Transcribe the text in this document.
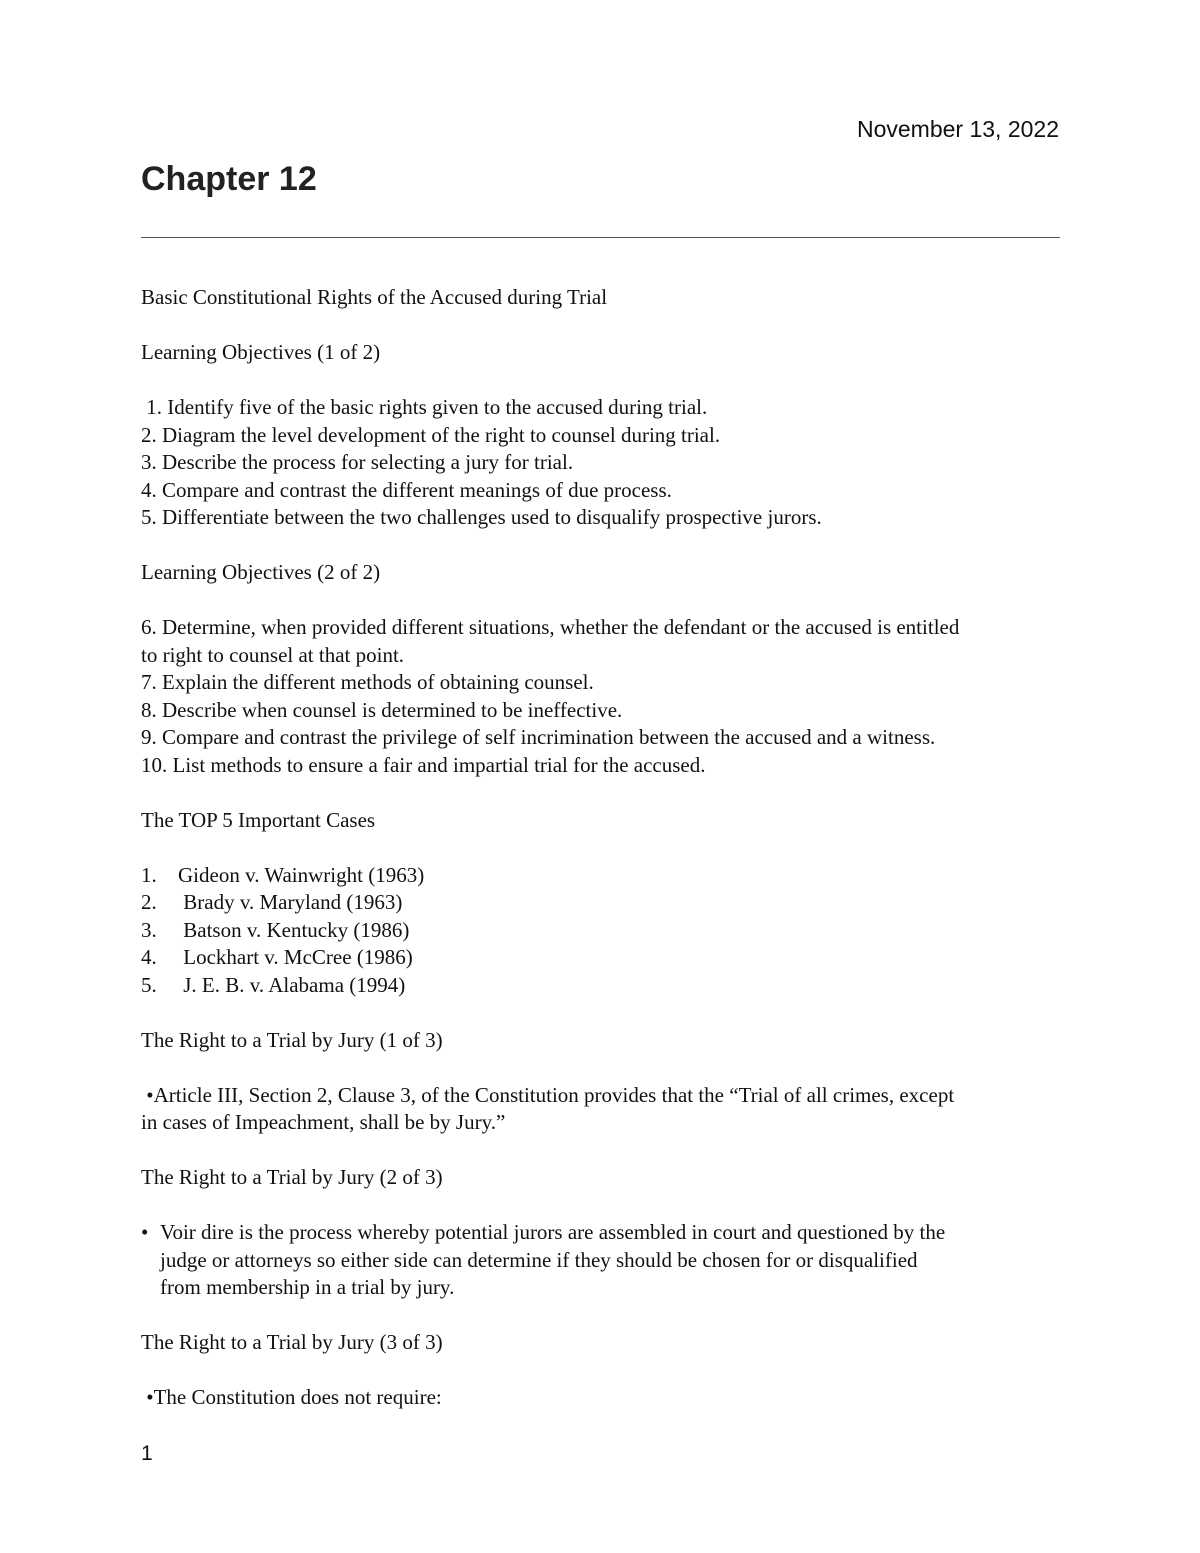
November 13, 2022
Chapter 12
Basic Constitutional Rights of the Accused during Trial
Learning Objectives (1 of 2)
1. Identify five of the basic rights given to the accused during trial.
2. Diagram the level development of the right to counsel during trial.
3. Describe the process for selecting a jury for trial.
4. Compare and contrast the different meanings of due process.
5. Differentiate between the two challenges used to disqualify prospective jurors.
Learning Objectives (2 of 2)
6. Determine, when provided different situations, whether the defendant or the accused is entitled
to right to counsel at that point.
7. Explain the different methods of obtaining counsel.
8. Describe when counsel is determined to be ineffective.
9. Compare and contrast the privilege of self incrimination between the accused and a witness.
10. List methods to ensure a fair and impartial trial for the accused.
The TOP 5 Important Cases
1. Gideon v. Wainwright (1963)
2. Brady v. Maryland (1963)
3. Batson v. Kentucky (1986)
4. Lockhart v. McCree (1986)
5. J. E. B. v. Alabama (1994)
The Right to a Trial by Jury (1 of 3)
•Article III, Section 2, Clause 3, of the Constitution provides that the “Trial of all crimes, except
in cases of Impeachment, shall be by Jury.”
The Right to a Trial by Jury (2 of 3)
• Voir dire is the process whereby potential jurors are assembled in court and questioned by the
judge or attorneys so either side can determine if they should be chosen for or disqualified
from membership in a trial by jury.
The Right to a Trial by Jury (3 of 3)
•The Constitution does not require:
1
